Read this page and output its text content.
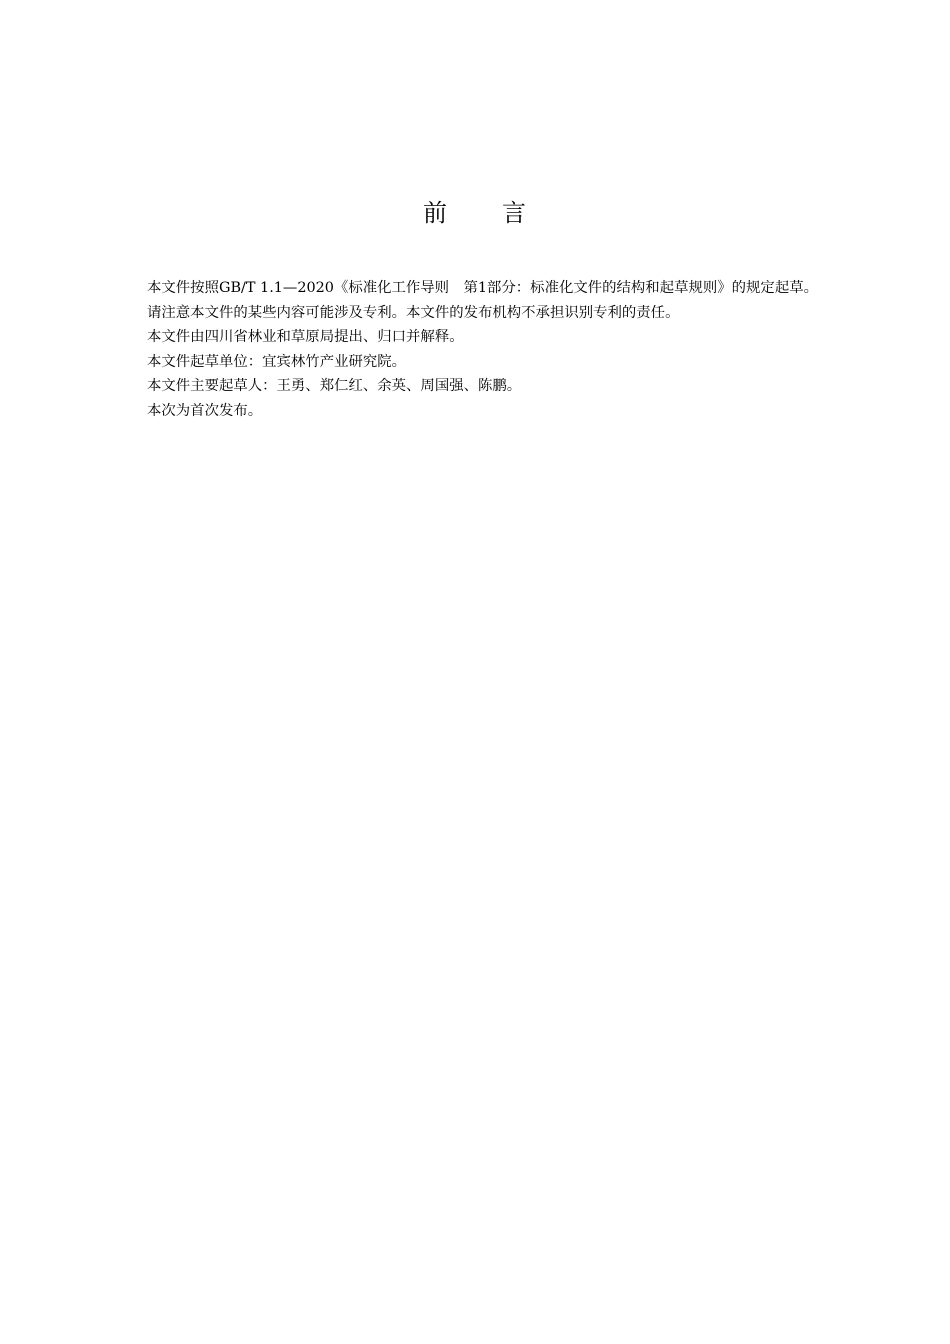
前 言

本文件按照GB/T 1.1—2020《标准化工作导则　第1部分：标准化文件的结构和起草规则》的规定起草。

请注意本文件的某些内容可能涉及专利。本文件的发布机构不承担识别专利的责任。

本文件由四川省林业和草原局提出、归口并解释。

本文件起草单位：宜宾林竹产业研究院。

本文件主要起草人：王勇、郑仁红、余英、周国强、陈鹏。

本次为首次发布。
